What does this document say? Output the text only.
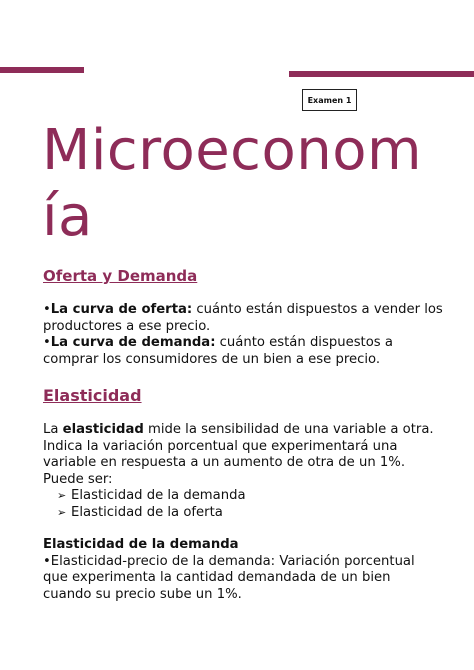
Examen 1
Microeconom
ía
Oferta y Demanda

•La curva de oferta: cuánto están dispuestos a vender los productores a ese precio.

•La curva de demanda: cuánto están dispuestos a comprar los consumidores de un bien a ese precio.

Elasticidad

La elasticidad mide la sensibilidad de una variable a otra. Indica la variación porcentual que experimentará una variable en respuesta a un aumento de otra de un 1%.

Puede ser:

➢ Elasticidad de la demanda
➢ Elasticidad de la oferta

Elasticidad de la demanda

•Elasticidad-precio de la demanda: Variación porcentual que experimenta la cantidad demandada de un bien cuando su precio sube un 1%.
